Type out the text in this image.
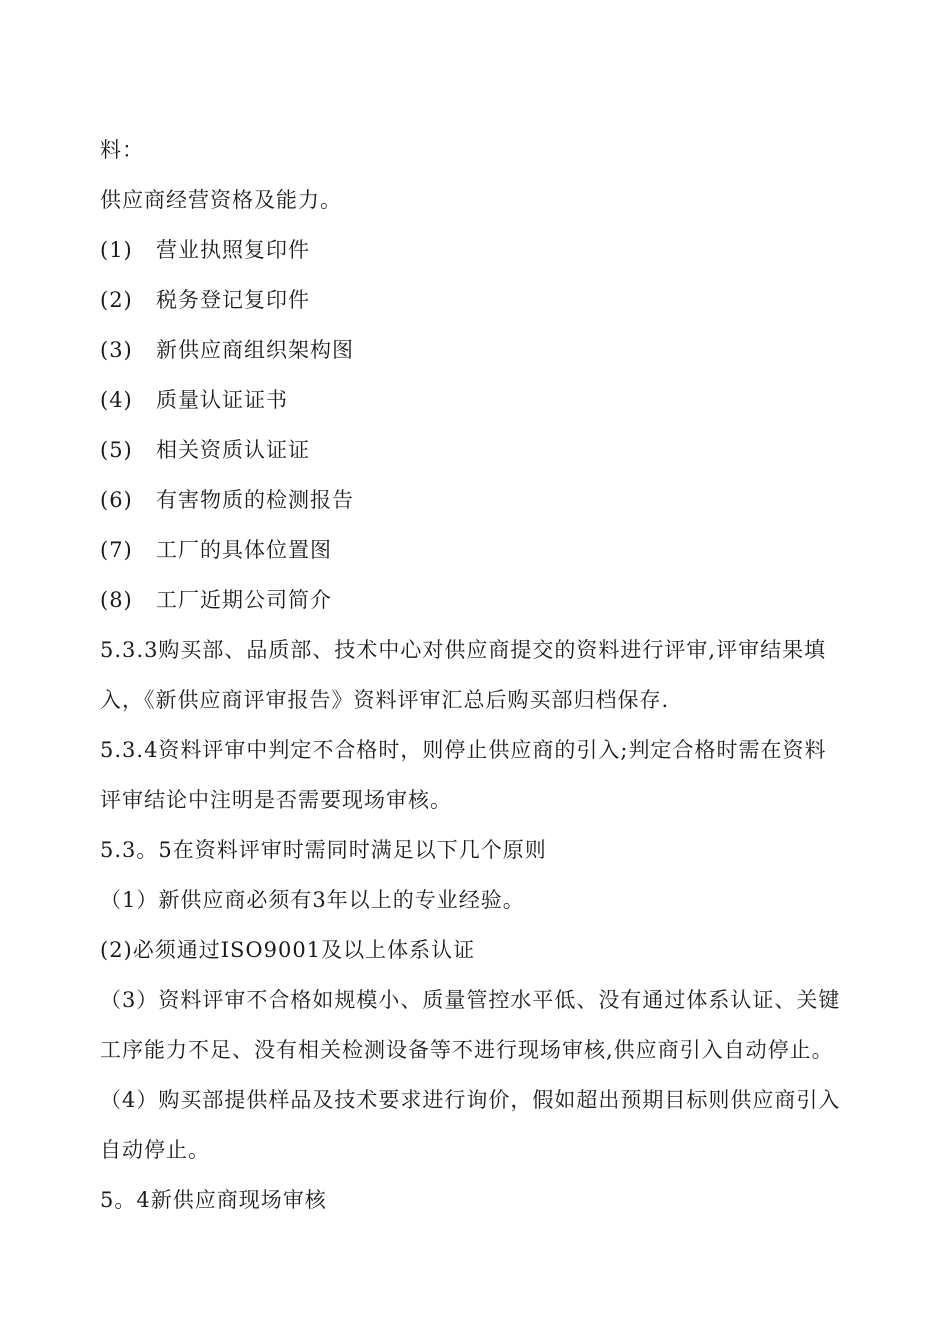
料：
供应商经营资格及能力。
(1) 营业执照复印件
(2) 税务登记复印件
(3) 新供应商组织架构图
(4) 质量认证证书
(5) 相关资质认证证
(6) 有害物质的检测报告
(7) 工厂的具体位置图
(8) 工厂近期公司简介
5.3.3购买部、品质部、技术中心对供应商提交的资料进行评审,评审结果填
入，《新供应商评审报告》资料评审汇总后购买部归档保存.
5.3.4资料评审中判定不合格时，则停止供应商的引入;判定合格时需在资料
评审结论中注明是否需要现场审核。
5.3。5在资料评审时需同时满足以下几个原则
（1）新供应商必须有3年以上的专业经验。
(2)必须通过ISO9001及以上体系认证
（3）资料评审不合格如规模小、质量管控水平低、没有通过体系认证、关键
工序能力不足、没有相关检测设备等不进行现场审核,供应商引入自动停止。
（4）购买部提供样品及技术要求进行询价，假如超出预期目标则供应商引入
自动停止。
5。4新供应商现场审核
